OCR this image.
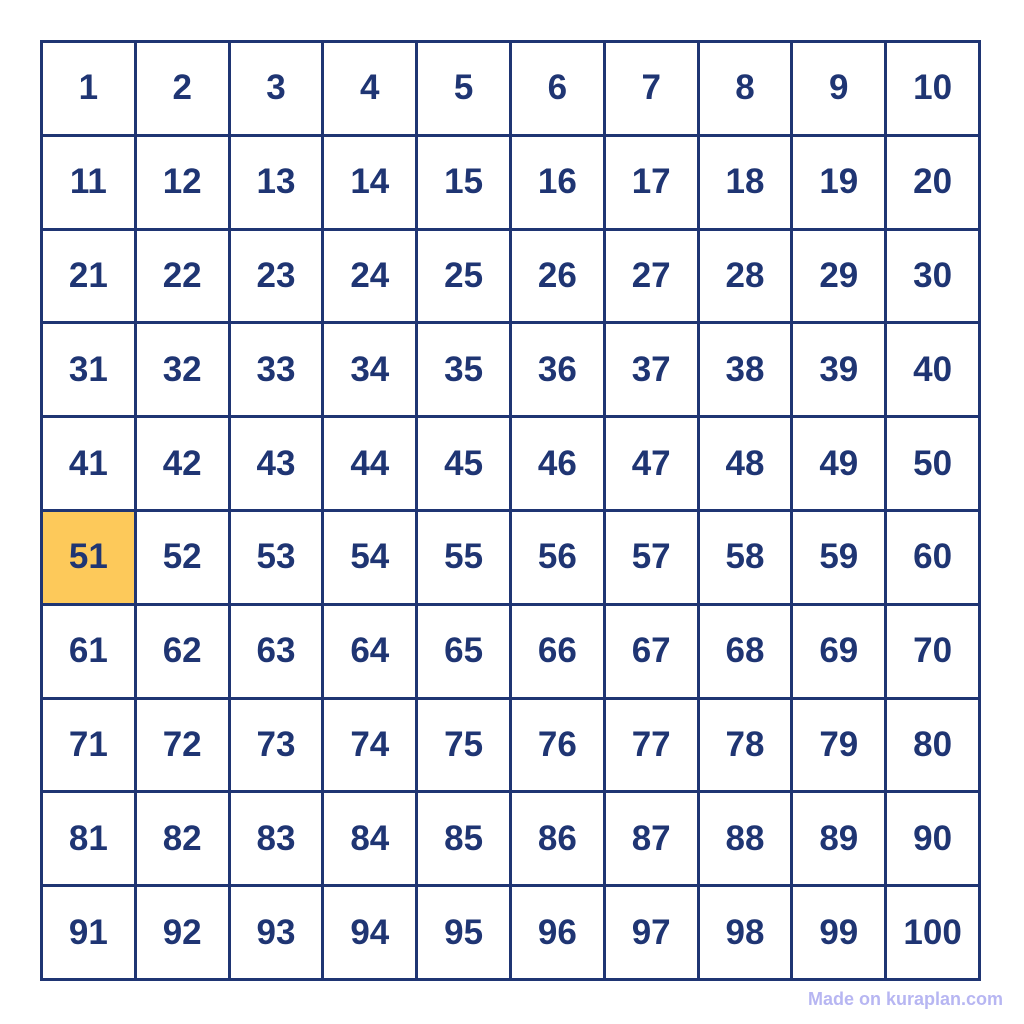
1	2	3	4	5	6	7	8	9	10
11	12	13	14	15	16	17	18	19	20
21	22	23	24	25	26	27	28	29	30
31	32	33	34	35	36	37	38	39	40
41	42	43	44	45	46	47	48	49	50
51	52	53	54	55	56	57	58	59	60
61	62	63	64	65	66	67	68	69	70
71	72	73	74	75	76	77	78	79	80
81	82	83	84	85	86	87	88	89	90
91	92	93	94	95	96	97	98	99	100
Made on kuraplan.com
